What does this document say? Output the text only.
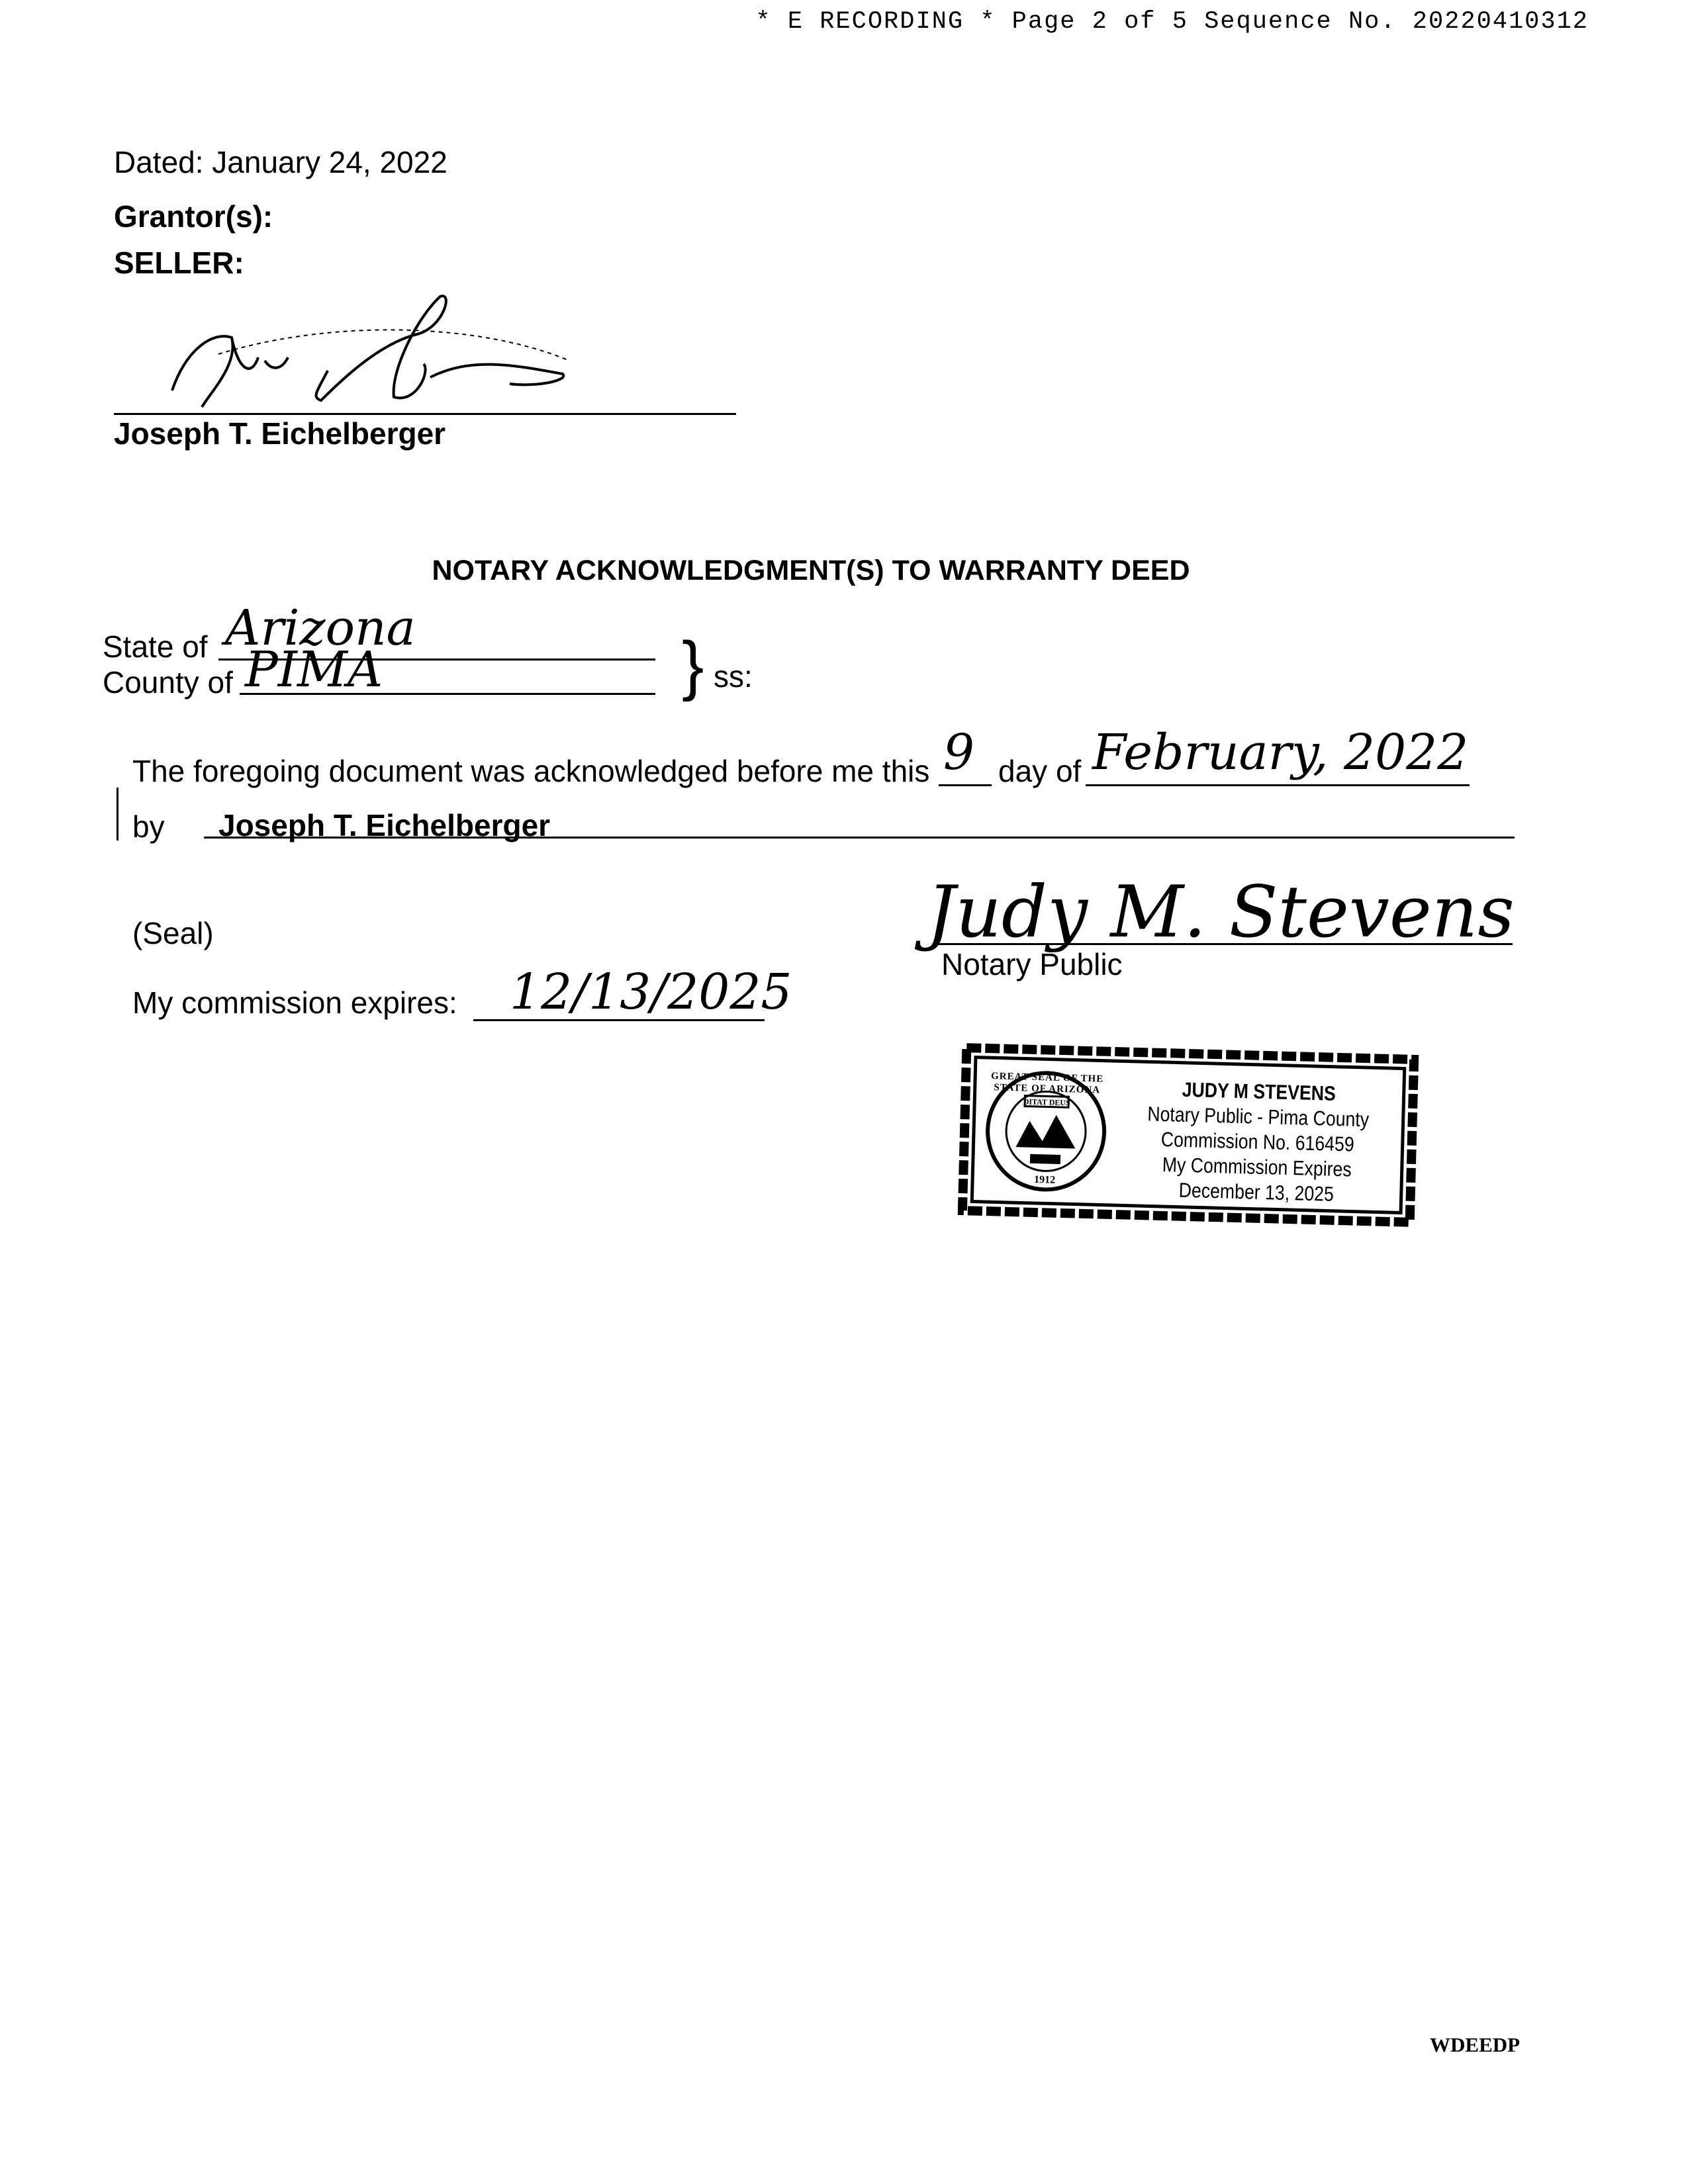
* E RECORDING * Page 2 of 5 Sequence No. 20220410312
Dated: January 24, 2022
Grantor(s):
SELLER:
Joseph T. Eichelberger
NOTARY ACKNOWLEDGMENT(S) TO WARRANTY DEED
State of Arizona
County of PIMA	} ss:
The foregoing document was acknowledged before me this 9 day of February, 2022
by Joseph T. Eichelberger
(Seal)
My commission expires: 12/13/2025
Judy M. Stevens
Notary Public
GREAT SEAL OF THE STATE OF ARIZONA
DITAT DEUS
1912
JUDY M STEVENS
Notary Public - Pima County
Commission No. 616459
My Commission Expires
December 13, 2025
WDEEDP
